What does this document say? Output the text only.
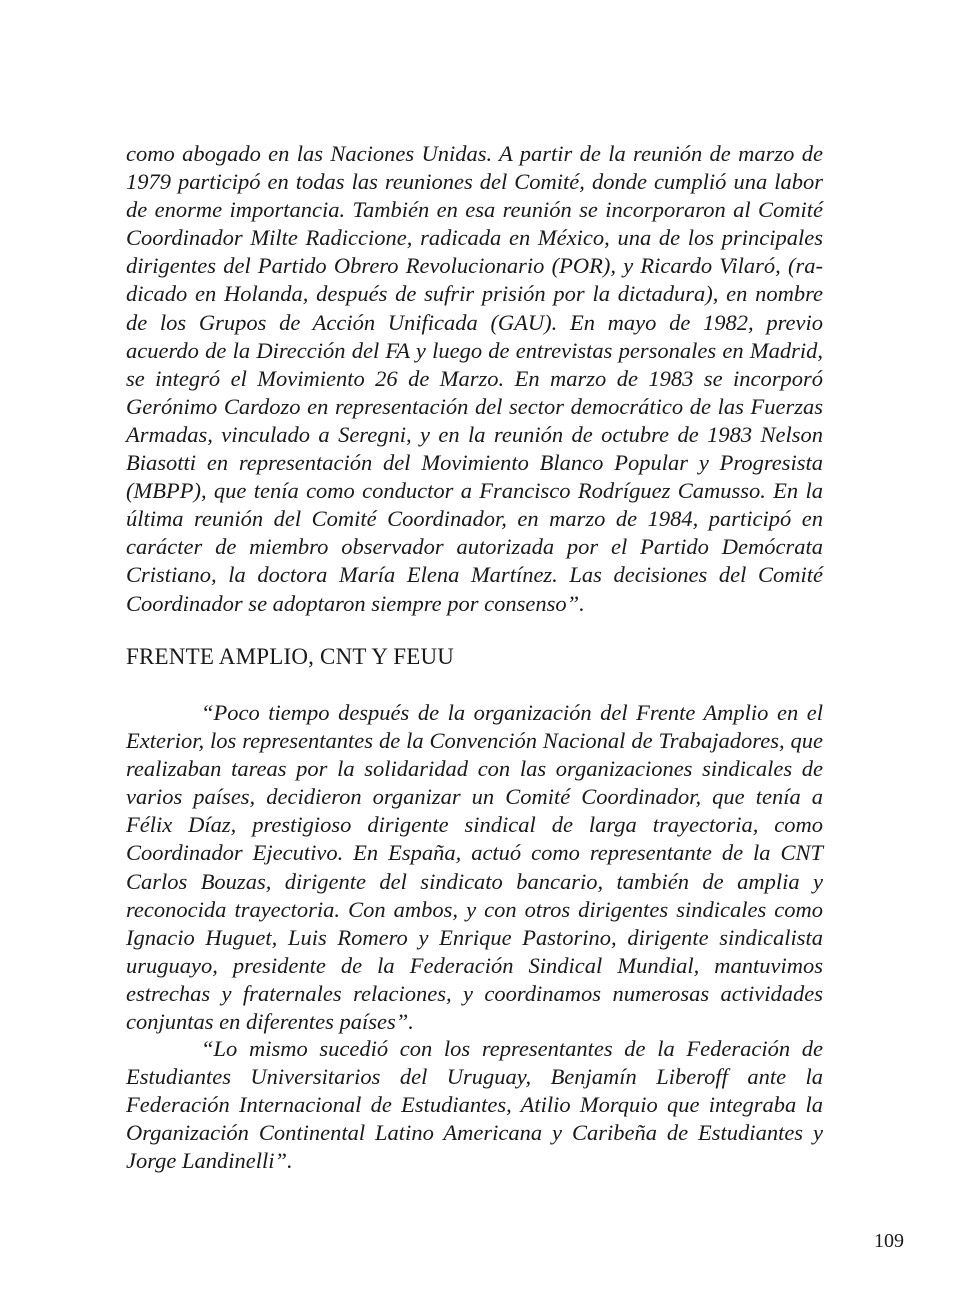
como abogado en las Naciones Unidas. A partir de la reunión de marzo de 1979 participó en todas las reuniones del Comité, donde cumplió una labor de enorme importancia. También en esa reunión se incorporaron al Comité Coordinador Milte Radiccione, radicada en México, una de los principales dirigentes del Partido Obrero Revolucionario (POR), y Ricardo Vilaró, (radicado en Holanda, después de sufrir prisión por la dictadura), en nombre de los Grupos de Acción Unificada (GAU). En mayo de 1982, previo acuerdo de la Dirección del FA y luego de entrevistas personales en Madrid, se integró el Movimiento 26 de Marzo. En marzo de 1983 se incorporó Gerónimo Cardozo en representación del sector democrático de las Fuerzas Armadas, vinculado a Seregni, y en la reunión de octubre de 1983 Nelson Biasotti en representación del Movimiento Blanco Popular y Progresista (MBPP), que tenía como conductor a Francisco Rodríguez Camusso. En la última reunión del Comité Coordinador, en marzo de 1984, participó en carácter de miembro observador autorizada por el Partido Demócrata Cristiano, la doctora María Elena Martínez. Las decisiones del Comité Coordinador se adoptaron siempre por consenso”.

FRENTE AMPLIO, CNT Y FEUU

“Poco tiempo después de la organización del Frente Amplio en el Exterior, los representantes de la Convención Nacional de Trabajadores, que realizaban tareas por la solidaridad con las organizaciones sindicales de varios países, decidieron organizar un Comité Coordinador, que tenía a Félix Díaz, prestigioso dirigente sindical de larga trayectoria, como Coordinador Ejecutivo. En España, actuó como representante de la CNT Carlos Bouzas, dirigente del sindicato bancario, también de amplia y reconocida trayectoria. Con ambos, y con otros dirigentes sindicales como Ignacio Huguet, Luis Romero y Enrique Pastorino, dirigente sindicalista uruguayo, presidente de la Federación Sindical Mundial, mantuvimos estrechas y fraternales relaciones, y coordinamos numerosas actividades conjuntas en diferentes países”.

“Lo mismo sucedió con los representantes de la Federación de Estudiantes Universitarios del Uruguay, Benjamín Liberoff ante la Federación Internacional de Estudiantes, Atilio Morquio que integraba la Organización Continental Latino Americana y Caribeña de Estudiantes y Jorge Landinelli”.

109
